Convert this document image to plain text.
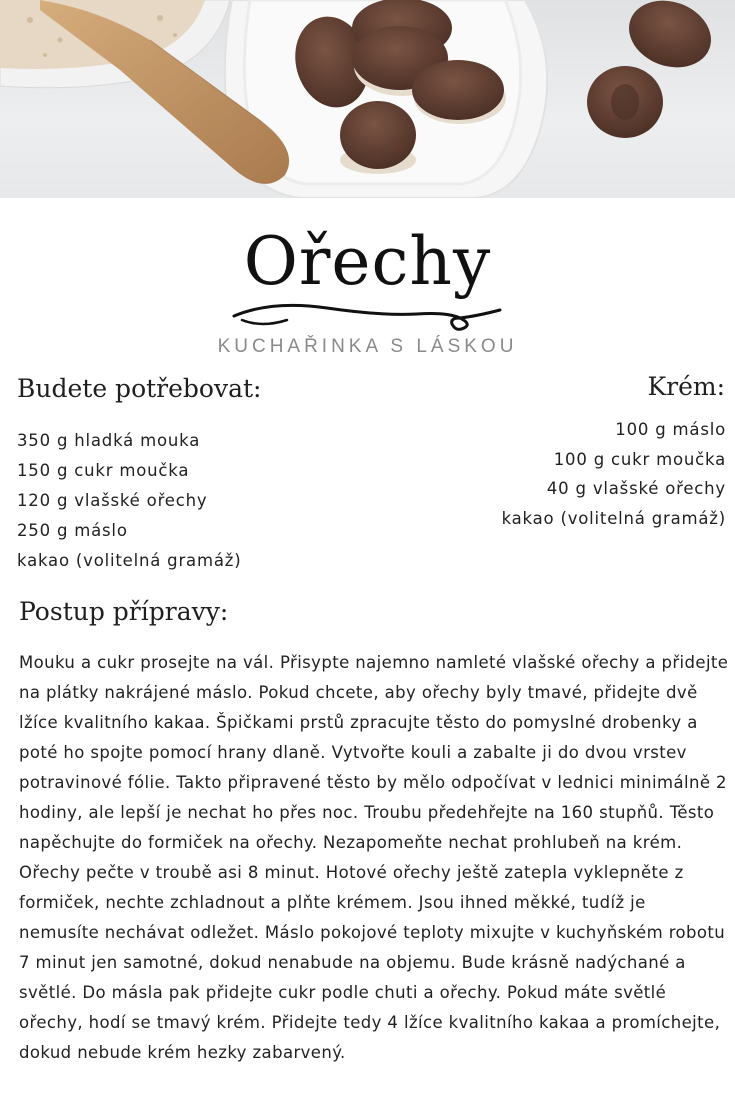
Ořechy
KUCHAŘINKA S LÁSKOU
Budete potřebovat:
350 g hladká mouka
150 g cukr moučka
120 g vlašské ořechy
250 g máslo
kakao (volitelná gramáž)
Krém:
100 g máslo
100 g cukr moučka
40 g vlašské ořechy
kakao (volitelná gramáž)
Postup přípravy:

Mouku a cukr prosejte na vál. Přisypte najemno namleté vlašské ořechy a přidejte na plátky nakrájené máslo. Pokud chcete, aby ořechy byly tmavé, přidejte dvě lžíce kvalitního kakaa. Špičkami prstů zpracujte těsto do pomyslné drobenky a poté ho spojte pomocí hrany dlaně. Vytvořte kouli a zabalte ji do dvou vrstev potravinové fólie. Takto připravené těsto by mělo odpočívat v lednici minimálně 2 hodiny, ale lepší je nechat ho přes noc. Troubu předehřejte na 160 stupňů. Těsto napěchujte do formiček na ořechy. Nezapomeňte nechat prohlubeň na krém. Ořechy pečte v troubě asi 8 minut. Hotové ořechy ještě zatepla vyklepněte z formiček, nechte zchladnout a plňte krémem. Jsou ihned měkké, tudíž je nemusíte nechávat odležet. Máslo pokojové teploty mixujte v kuchyňském robotu 7 minut jen samotné, dokud nenabude na objemu. Bude krásně nadýchané a světlé. Do másla pak přidejte cukr podle chuti a ořechy. Pokud máte světlé ořechy, hodí se tmavý krém. Přidejte tedy 4 lžíce kvalitního kakaa a promíchejte, dokud nebude krém hezky zabarvený.
